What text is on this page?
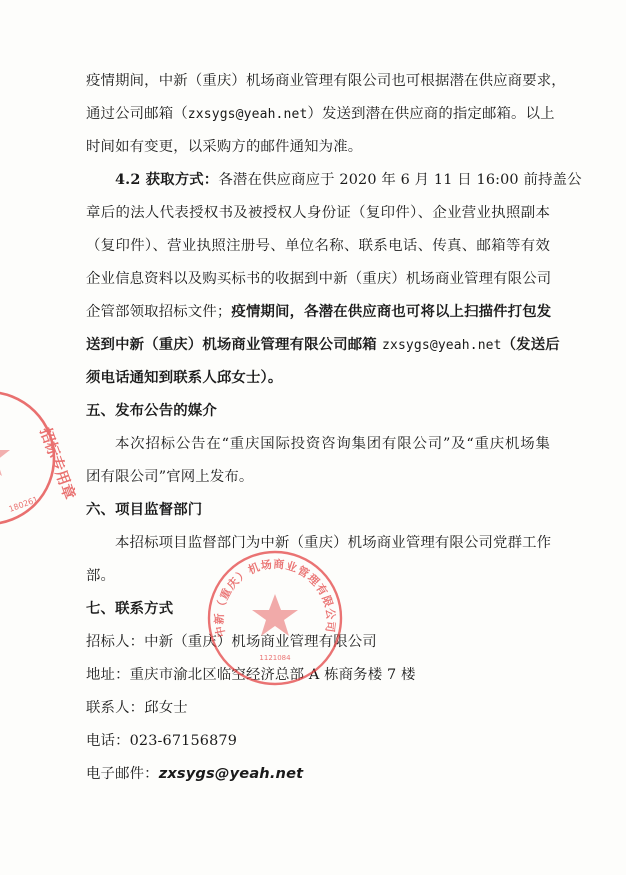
疫情期间，中新（重庆）机场商业管理有限公司也可根据潜在供应商要求，
通过公司邮箱（zxsygs@yeah.net）发送到潜在供应商的指定邮箱。以上
时间如有变更，以采购方的邮件通知为准。
4.2 获取方式：各潜在供应商应于 2020 年 6 月 11 日 16:00 前持盖公
章后的法人代表授权书及被授权人身份证（复印件）、企业营业执照副本
（复印件）、营业执照注册号、单位名称、联系电话、传真、邮箱等有效
企业信息资料以及购买标书的收据到中新（重庆）机场商业管理有限公司
企管部领取招标文件；疫情期间，各潜在供应商也可将以上扫描件打包发
送到中新（重庆）机场商业管理有限公司邮箱 zxsygs@yeah.net（发送后
须电话通知到联系人邱女士）。
五、发布公告的媒介
本次招标公告在“重庆国际投资咨询集团有限公司”及“重庆机场集
团有限公司”官网上发布。
六、项目监督部门
本招标项目监督部门为中新（重庆）机场商业管理有限公司党群工作
部。
七、联系方式
招标人：中新（重庆）机场商业管理有限公司
地址：重庆市渝北区临空经济总部 A 栋商务楼 7 楼
联系人：邱女士
电话：023-67156879
电子邮件：zxsygs@yeah.net
招标专用章
180261
中新（重庆）机场商业管理有限公司
1121084
